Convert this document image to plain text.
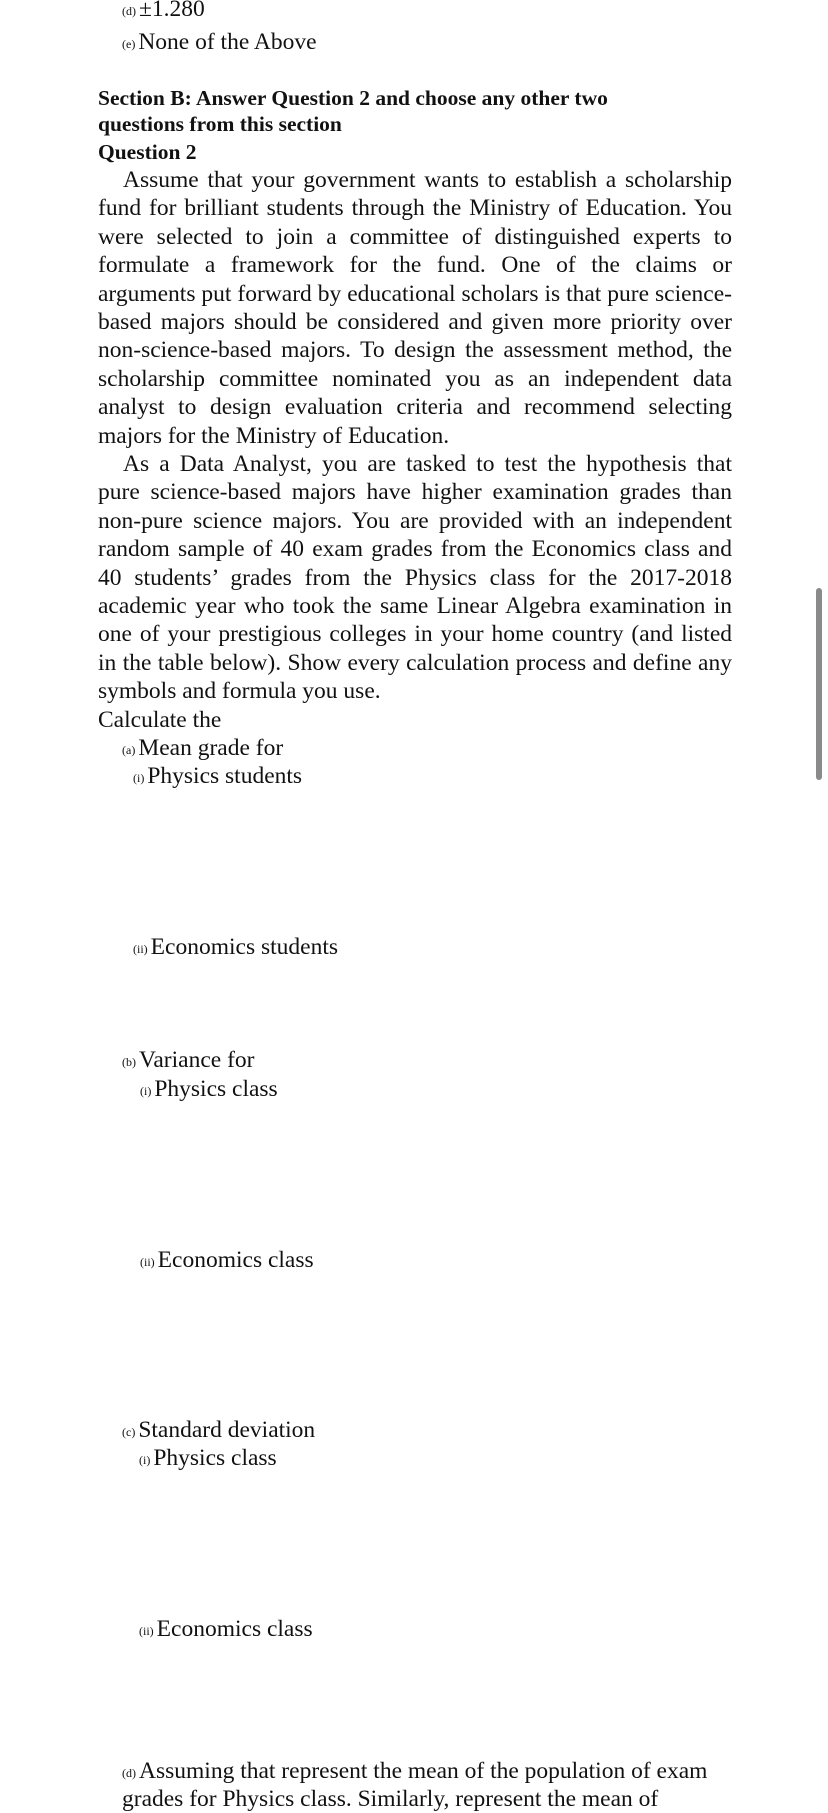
(d) ±1.280
(e) None of the Above
Section B: Answer Question 2 and choose any other two
questions from this section
Question 2
Assume that your government wants to establish a scholarship fund for brilliant students through the Ministry of Education. You were selected to join a committee of distinguished experts to formulate a framework for the fund. One of the claims or arguments put forward by educational scholars is that pure science-based majors should be considered and given more priority over non-science-based majors. To design the assessment method, the scholarship committee nominated you as an independent data analyst to design evaluation criteria and recommend selecting majors for the Ministry of Education.
As a Data Analyst, you are tasked to test the hypothesis that pure science-based majors have higher examination grades than non-pure science majors. You are provided with an independent random sample of 40 exam grades from the Economics class and 40 students’ grades from the Physics class for the 2017-2018 academic year who took the same Linear Algebra examination in one of your prestigious colleges in your home country (and listed in the table below). Show every calculation process and define any symbols and formula you use.
Calculate the
(a) Mean grade for
(i) Physics students
(ii) Economics students
(b) Variance for
(i) Physics class
(ii) Economics class
(c) Standard deviation
(i) Physics class
(ii) Economics class
(d) Assuming that represent the mean of the population of exam
grades for Physics class. Similarly, represent the mean of
